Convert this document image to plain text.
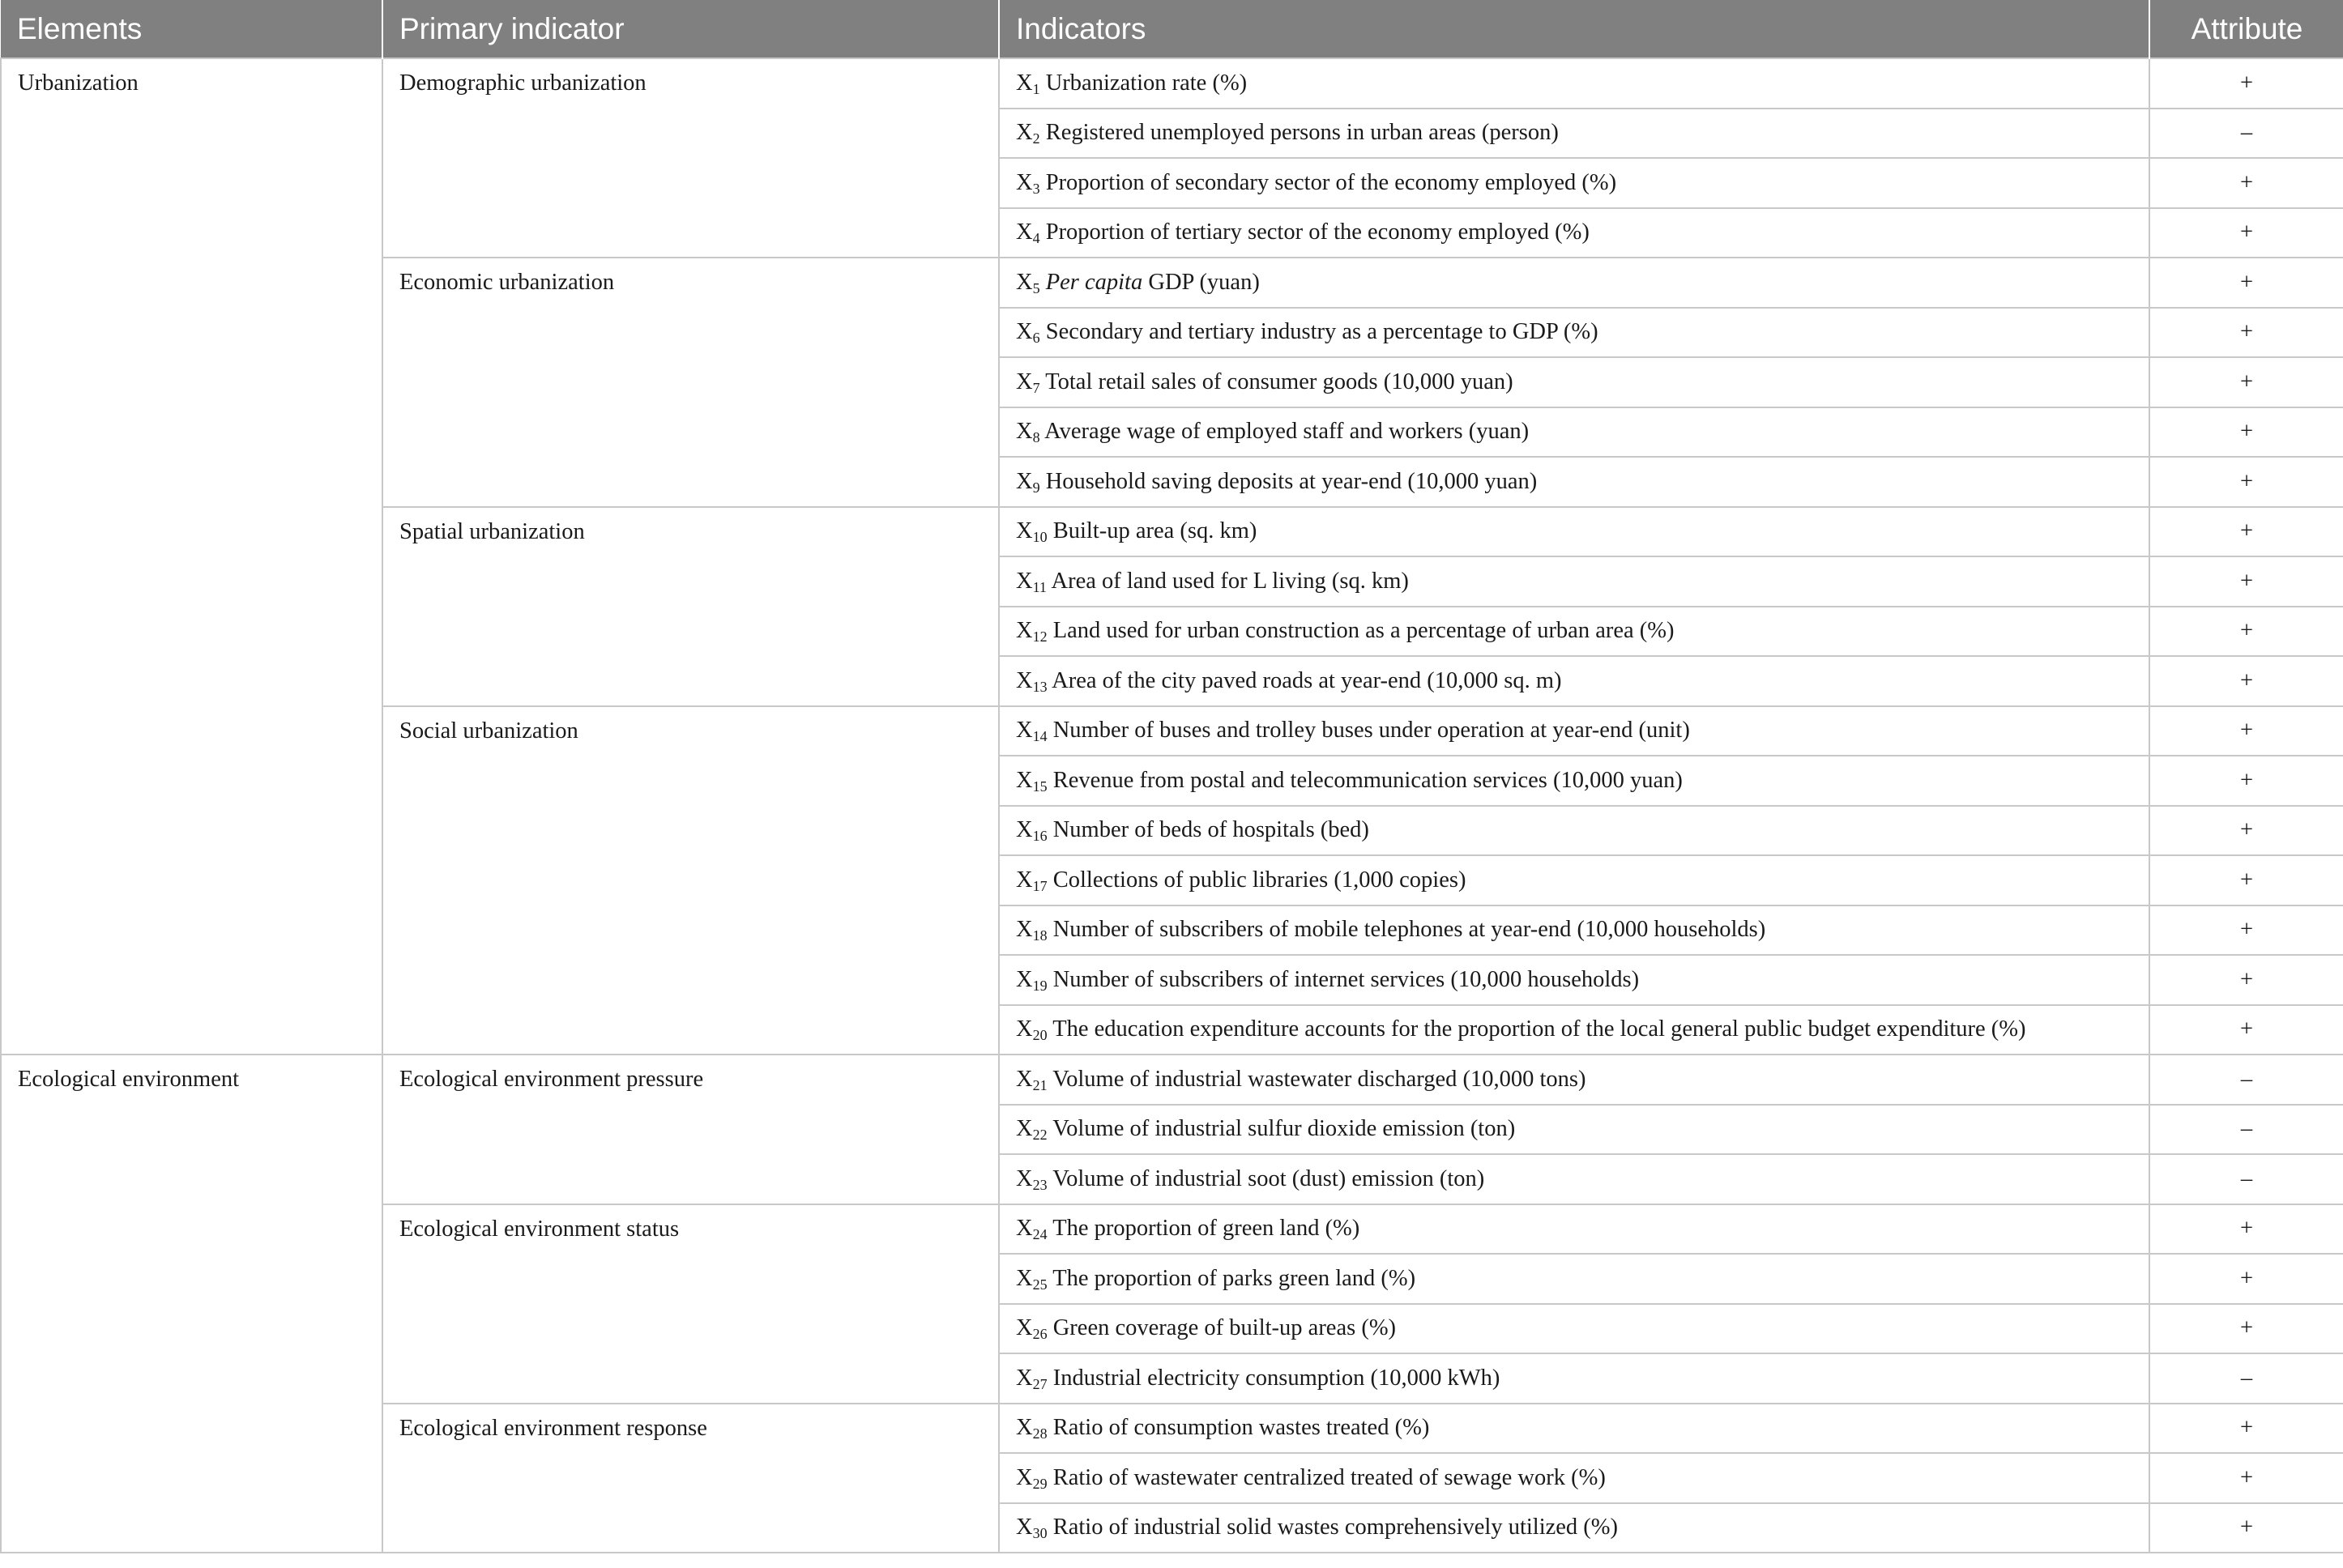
Elements	Primary indicator	Indicators	Attribute
Urbanization	Demographic urbanization	$X_1$ Urbanization rate (%)	+
		$X_2$ Registered unemployed persons in urban areas (person)	–
		$X_3$ Proportion of secondary sector of the economy employed (%)	+
		$X_4$ Proportion of tertiary sector of the economy employed (%)	+
	Economic urbanization	$X_5$ Per capita GDP (yuan)	+
		$X_6$ Secondary and tertiary industry as a percentage to GDP (%)	+
		$X_7$ Total retail sales of consumer goods (10,000 yuan)	+
		$X_8$ Average wage of employed staff and workers (yuan)	+
		$X_9$ Household saving deposits at year-end (10,000 yuan)	+
	Spatial urbanization	$X_{10}$ Built-up area (sq. km)	+
		$X_{11}$ Area of land used for L living (sq. km)	+
		$X_{12}$ Land used for urban construction as a percentage of urban area (%)	+
		$X_{13}$ Area of the city paved roads at year-end (10,000 sq. m)	+
	Social urbanization	$X_{14}$ Number of buses and trolley buses under operation at year-end (unit)	+
		$X_{15}$ Revenue from postal and telecommunication services (10,000 yuan)	+
		$X_{16}$ Number of beds of hospitals (bed)	+
		$X_{17}$ Collections of public libraries (1,000 copies)	+
		$X_{18}$ Number of subscribers of mobile telephones at year-end (10,000 households)	+
		$X_{19}$ Number of subscribers of internet services (10,000 households)	+
		$X_{20}$ The education expenditure accounts for the proportion of the local general public budget expenditure (%)	+
Ecological environment	Ecological environment pressure	$X_{21}$ Volume of industrial wastewater discharged (10,000 tons)	–
		$X_{22}$ Volume of industrial sulfur dioxide emission (ton)	–
		$X_{23}$ Volume of industrial soot (dust) emission (ton)	–
	Ecological environment status	$X_{24}$ The proportion of green land (%)	+
		$X_{25}$ The proportion of parks green land (%)	+
		$X_{26}$ Green coverage of built-up areas (%)	+
		$X_{27}$ Industrial electricity consumption (10,000 kWh)	–
	Ecological environment response	$X_{28}$ Ratio of consumption wastes treated (%)	+
		$X_{29}$ Ratio of wastewater centralized treated of sewage work (%)	+
		$X_{30}$ Ratio of industrial solid wastes comprehensively utilized (%)	+
